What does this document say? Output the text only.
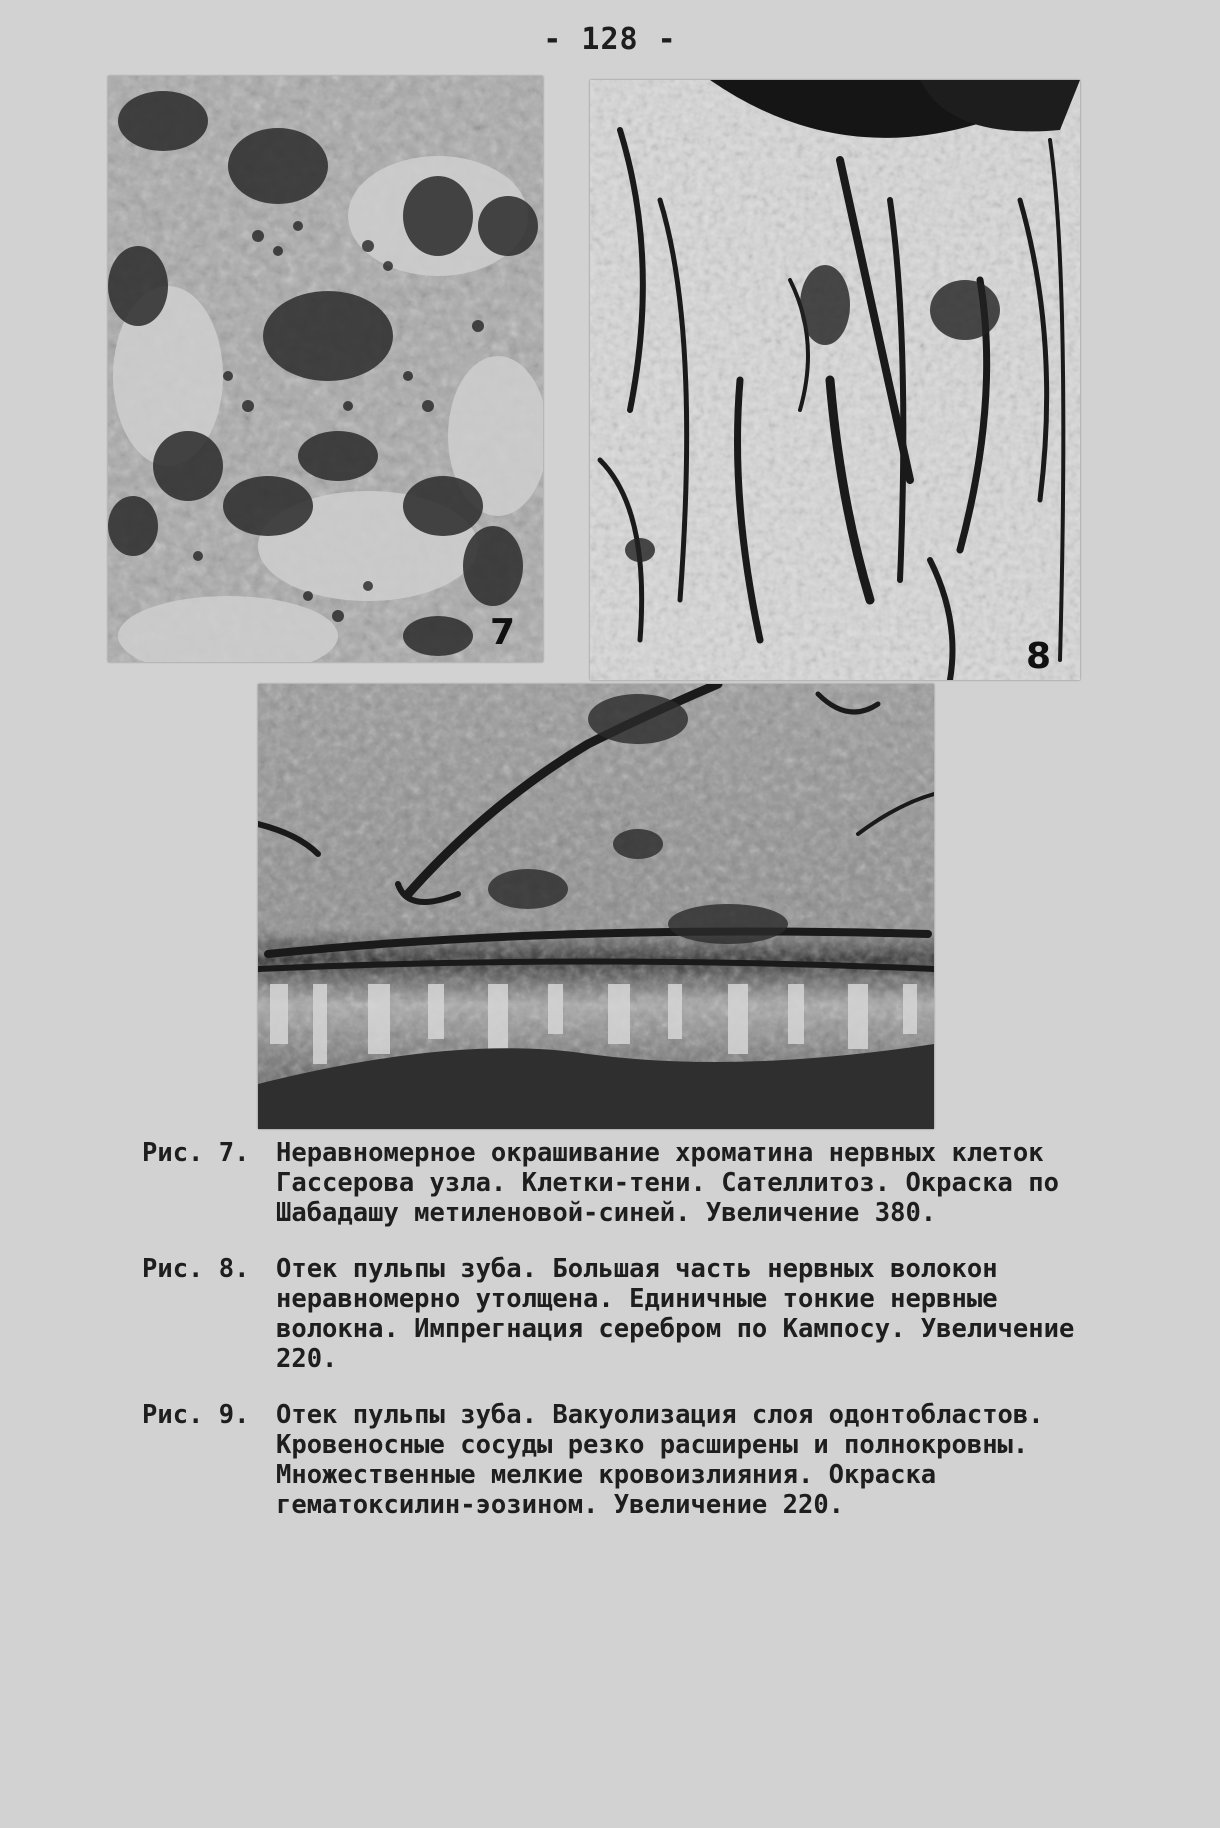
- 128 -
7
8
Рис. 7.	Неравномерное окрашивание хроматина нервных клеток Гассерова узла. Клетки-тени. Сателлитоз. Окраска по Шабадашу метиленовой-синей. Увеличение 380.
Рис. 8.	Отек пульпы зуба. Большая часть нервных волокон неравномерно утолщена. Единичные тонкие нервные волокна. Импрегнация серебром по Кампосу. Увеличение 220.
Рис. 9.	Отек пульпы зуба. Вакуолизация слоя одонтобластов. Кровеносные сосуды резко расширены и полнокровны. Множественные мелкие кровоизлияния. Окраска гематоксилин-эозином. Увеличение 220.
